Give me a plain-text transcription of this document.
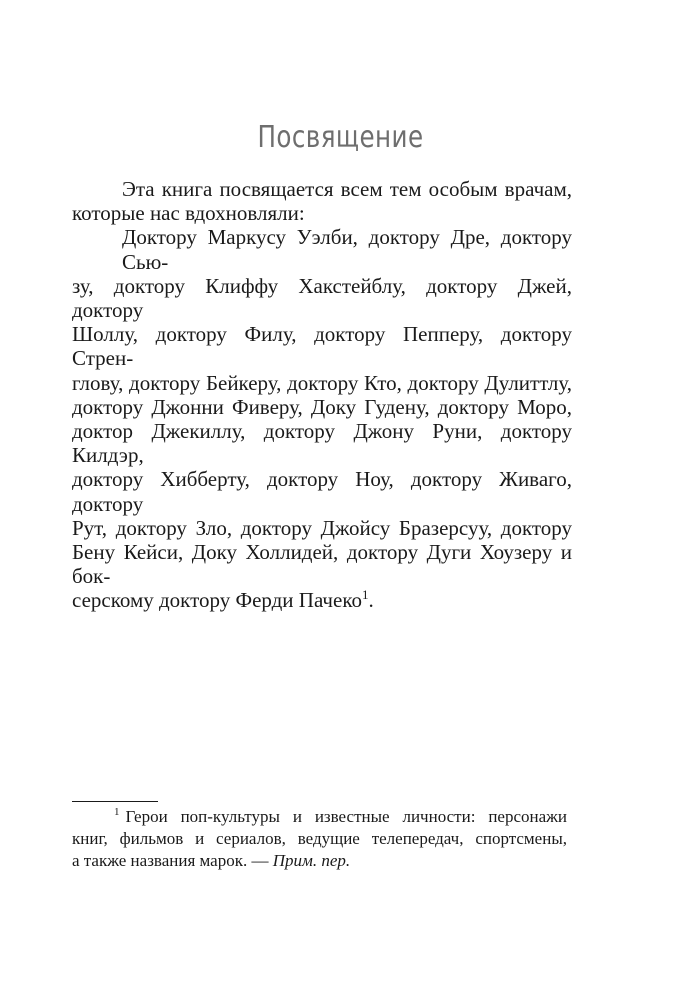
Посвящение
Эта книга посвящается всем тем особым врачам,
которые нас вдохновляли:
Доктору Маркусу Уэлби, доктору Дре, доктору Сью-
зу, доктору Клиффу Хакстейблу, доктору Джей, доктору
Шоллу, доктору Филу, доктору Пепперу, доктору Стрен-
глову, доктору Бейкеру, доктору Кто, доктору Дулиттлу,
доктору Джонни Фиверу, Доку Гудену, доктору Моро,
доктор Джекиллу, доктору Джону Руни, доктору Килдэр,
доктору Хибберту, доктору Ноу, доктору Живаго, доктору
Рут, доктору Зло, доктору Джойсу Бразерсуу, доктору
Бену Кейси, Доку Холлидей, доктору Дуги Хоузеру и бок-
серскому доктору Ферди Пачеко$^1$.
$^1$ Герои поп-культуры и известные личности: персонажи
книг, фильмов и сериалов, ведущие телепередач, спортсмены,
а также названия марок. — Прим. пер.
